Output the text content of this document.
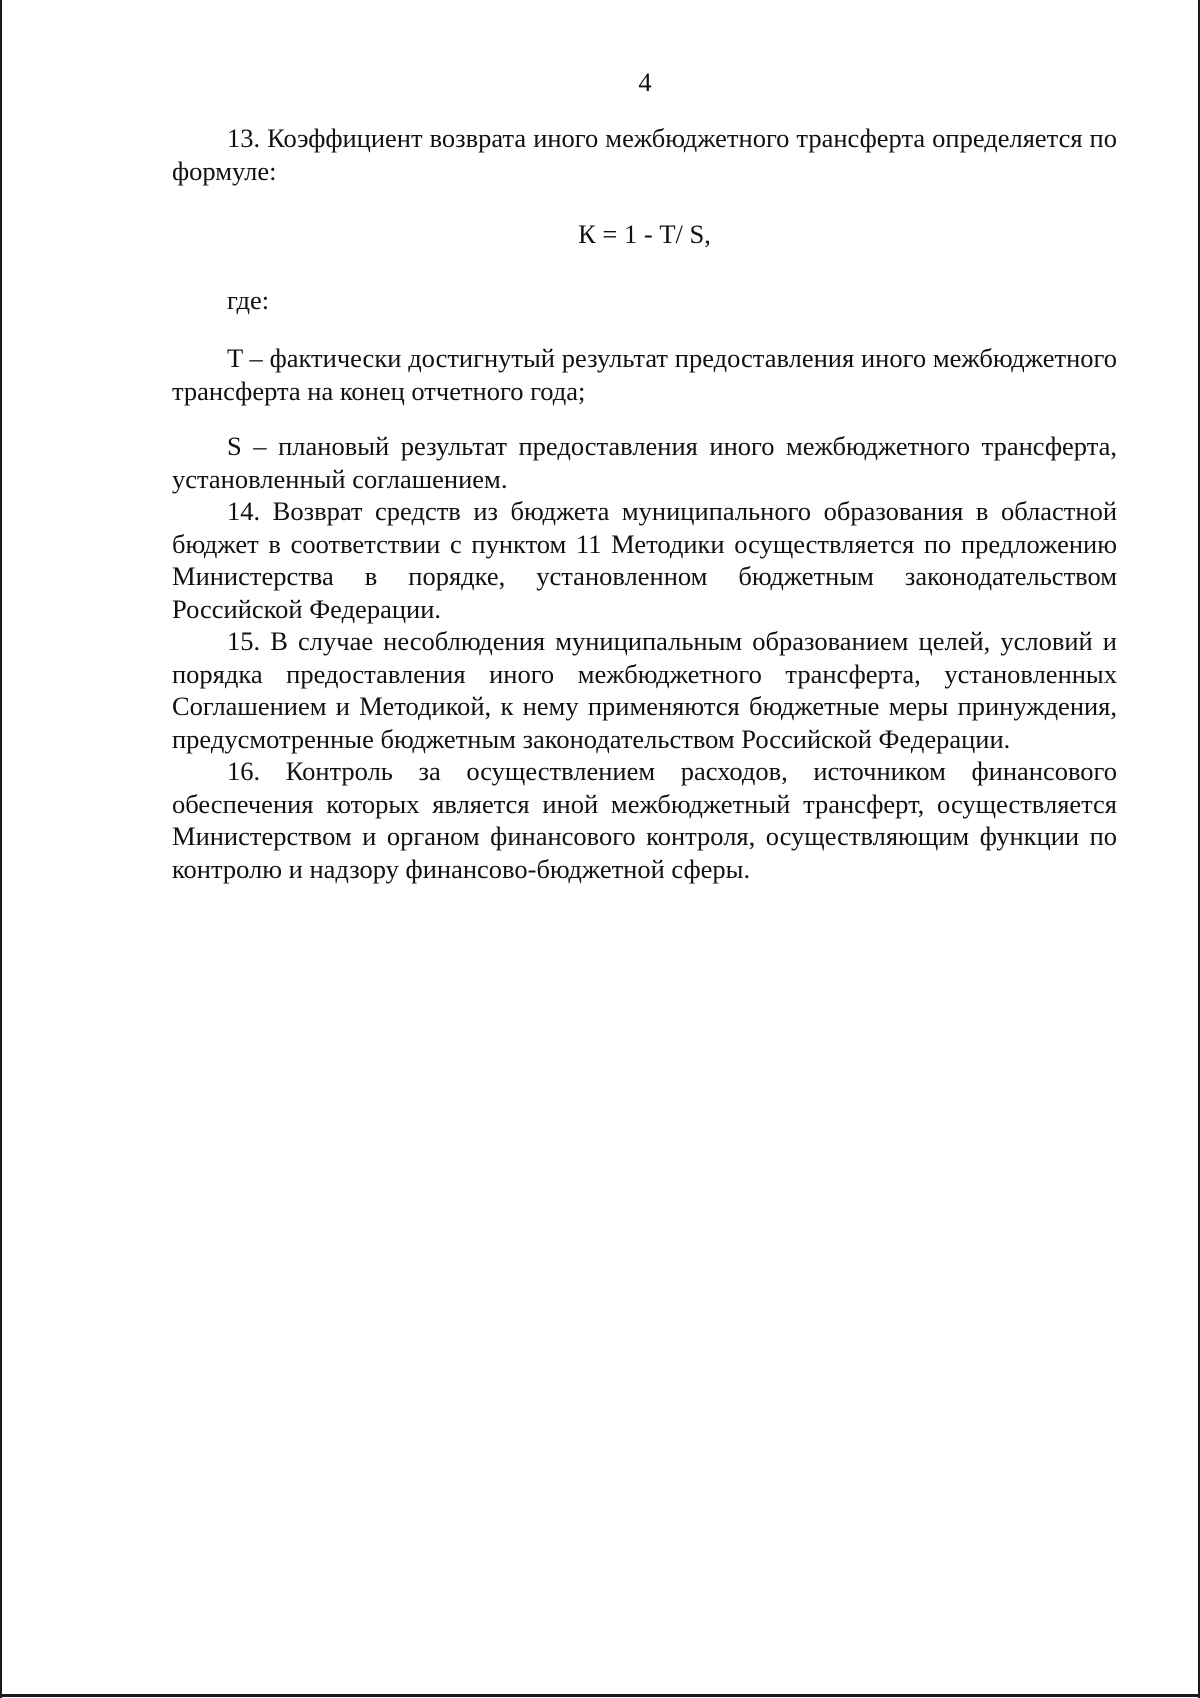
4

13. Коэффициент возврата иного межбюджетного трансферта определяется по формуле:

К = 1 - T/ S,
где:

T – фактически достигнутый результат предоставления иного межбюджетного трансферта на конец отчетного года;

S – плановый результат предоставления иного межбюджетного трансферта, установленный соглашением.

14. Возврат средств из бюджета муниципального образования в областной бюджет в соответствии с пунктом 11 Методики осуществляется по предложению Министерства в порядке, установленном бюджетным законодательством Российской Федерации.

15. В случае несоблюдения муниципальным образованием целей, условий и порядка предоставления иного межбюджетного трансферта, установленных Соглашением и Методикой, к нему применяются бюджетные меры принуждения, предусмотренные бюджетным законодательством Российской Федерации.

16. Контроль за осуществлением расходов, источником финансового обеспечения которых является иной межбюджетный трансферт, осуществляется Министерством и органом финансового контроля, осуществляющим функции по контролю и надзору финансово-бюджетной сферы.
